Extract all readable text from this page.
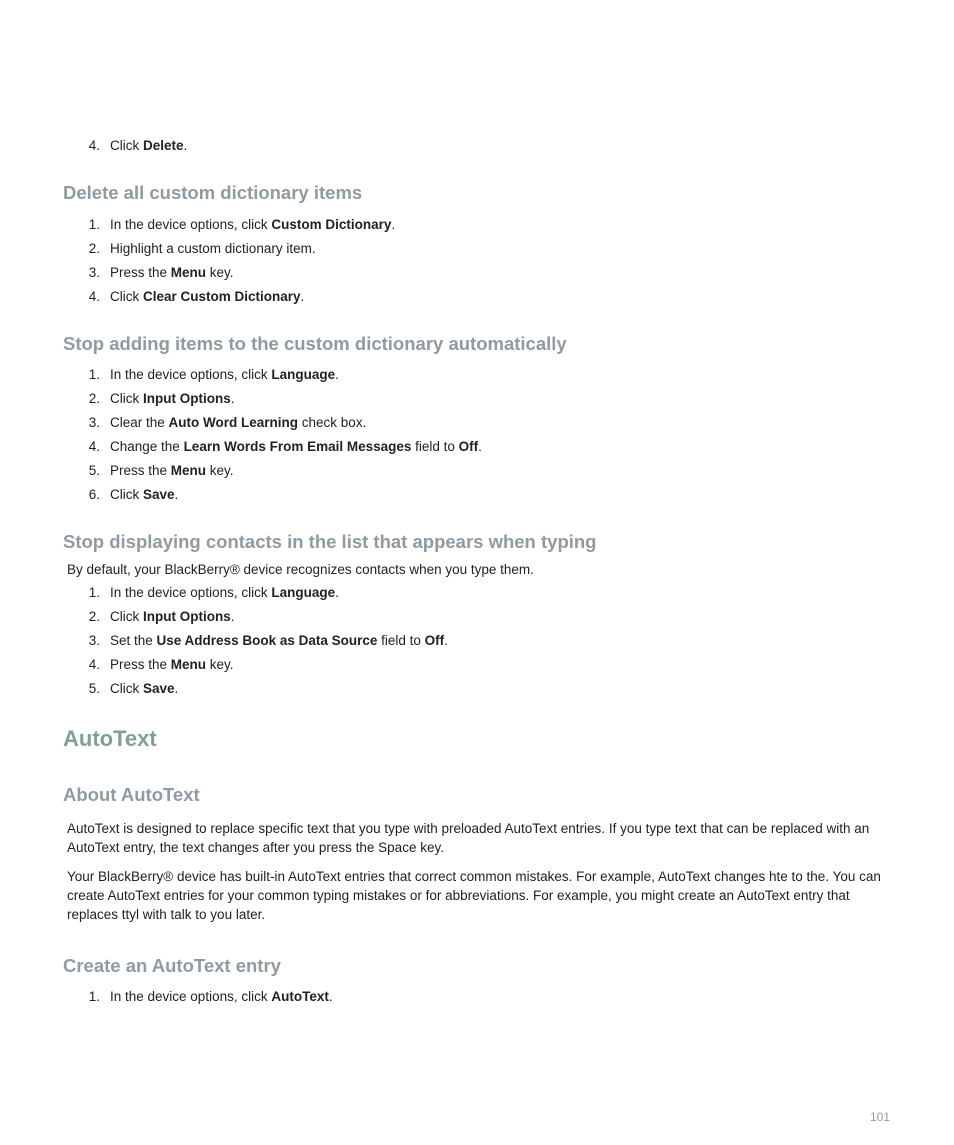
4. Click Delete.
Delete all custom dictionary items
1. In the device options, click Custom Dictionary.
2. Highlight a custom dictionary item.
3. Press the Menu key.
4. Click Clear Custom Dictionary.
Stop adding items to the custom dictionary automatically
1. In the device options, click Language.
2. Click Input Options.
3. Clear the Auto Word Learning check box.
4. Change the Learn Words From Email Messages field to Off.
5. Press the Menu key.
6. Click Save.
Stop displaying contacts in the list that appears when typing

By default, your BlackBerry® device recognizes contacts when you type them.

1. In the device options, click Language.
2. Click Input Options.
3. Set the Use Address Book as Data Source field to Off.
4. Press the Menu key.
5. Click Save.
AutoText
About AutoText

AutoText is designed to replace specific text that you type with preloaded AutoText entries. If you type text that can be replaced with an AutoText entry, the text changes after you press the Space key.

Your BlackBerry® device has built-in AutoText entries that correct common mistakes. For example, AutoText changes hte to the. You can create AutoText entries for your common typing mistakes or for abbreviations. For example, you might create an AutoText entry that replaces ttyl with talk to you later.

Create an AutoText entry
1. In the device options, click AutoText.
101
